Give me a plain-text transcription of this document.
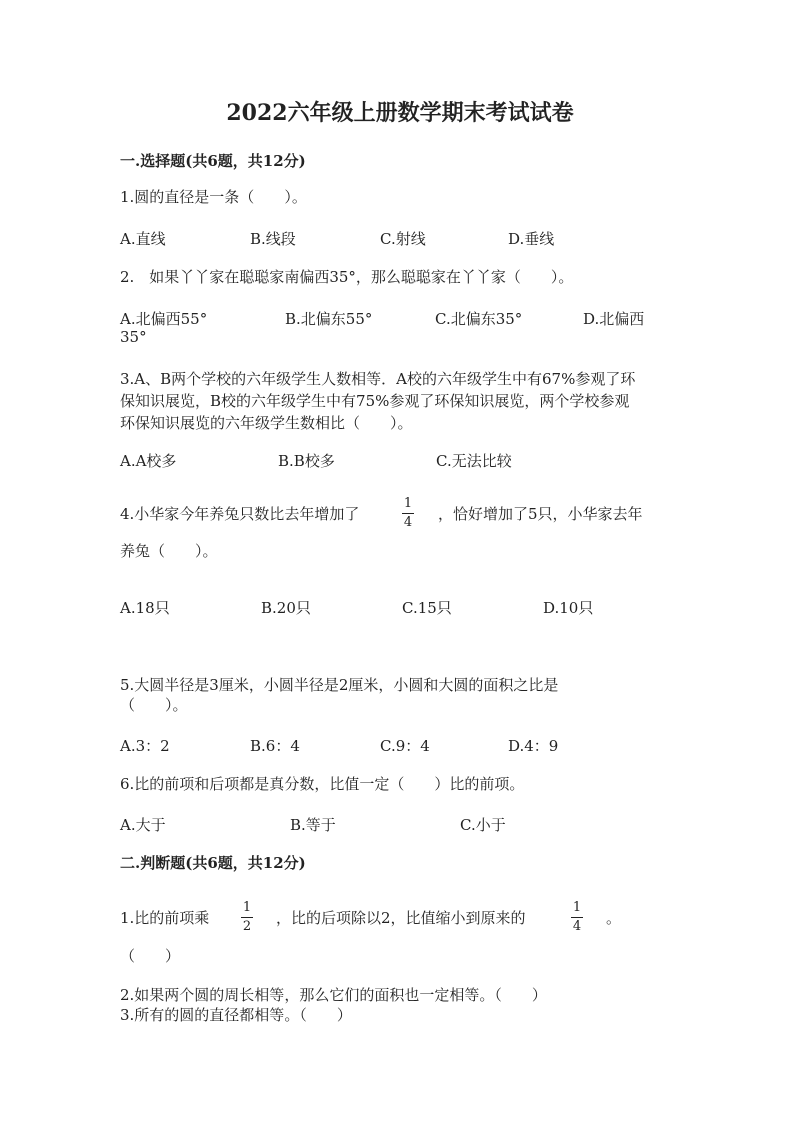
2022六年级上册数学期末考试试卷
一.选择题(共6题，共12分)
1.圆的直径是一条（　　）。
A.直线	B.线段	C.射线	D.垂线
2.　如果丫丫家在聪聪家南偏西35°，那么聪聪家在丫丫家（　　）。
A.北偏西55°	B.北偏东55°	C.北偏东35°	D.北偏西
35°
3.A、B两个学校的六年级学生人数相等．A校的六年级学生中有67%参观了环
保知识展览，B校的六年级学生中有75%参观了环保知识展览，两个学校参观
环保知识展览的六年级学生数相比（　　）。
A.A校多	B.B校多	C.无法比较
4.小华家今年养兔只数比去年增加了
1
4 ，恰好增加了5只，小华家去年
养兔（　　）。
A.18只	B.20只	C.15只	D.10只
5.大圆半径是3厘米，小圆半径是2厘米，小圆和大圆的面积之比是
（　　）。
A.3：2	B.6：4	C.9：4	D.4：9
6.比的前项和后项都是真分数，比值一定（　　）比的前项。
A.大于	B.等于	C.小于
二.判断题(共6题，共12分)
1.比的前项乘
1
2 ，比的后项除以2，比值缩小到原来的
1
4 。
（　　）
2.如果两个圆的周长相等，那么它们的面积也一定相等。（　　）
3.所有的圆的直径都相等。（　　）
